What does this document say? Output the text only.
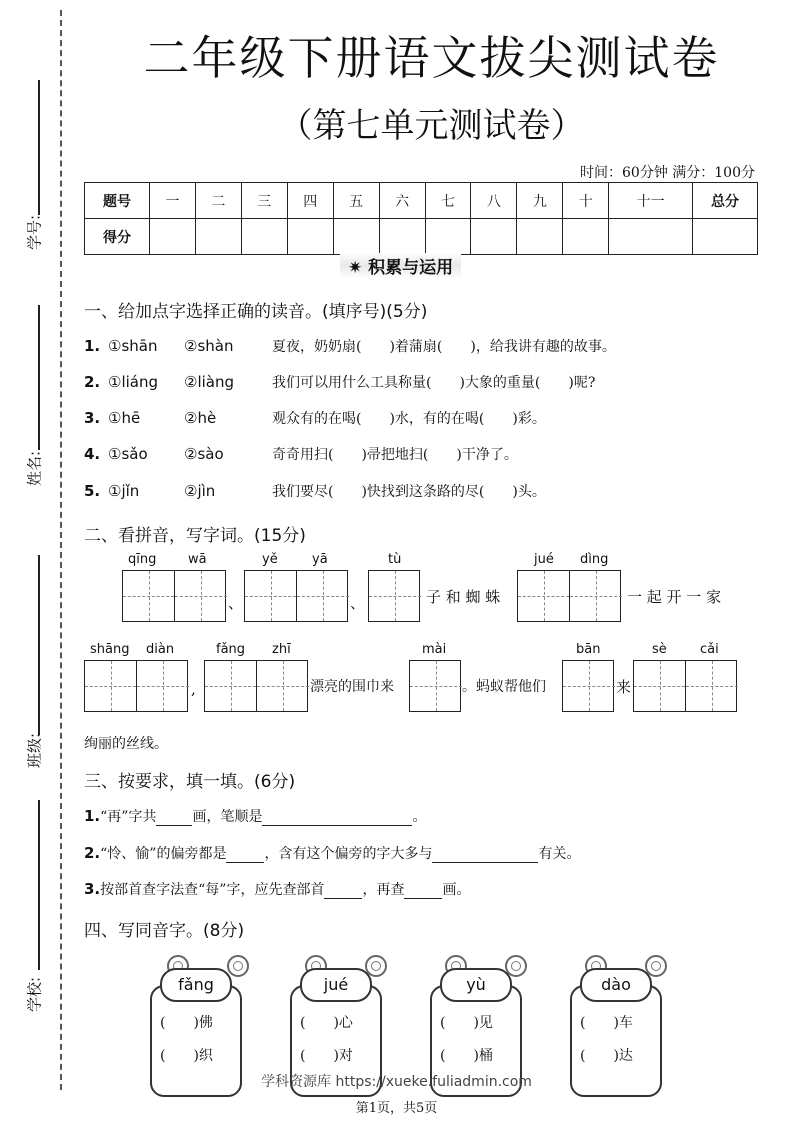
学号:
姓名:
班级:
学校:
二年级下册语文拔尖测试卷
（第七单元测试卷）
时间：60分钟 满分：100分
题号	一	二	三	四	五	六	七	八	九	十	十一	总分
得分												
✷ 积累与运用
一、给加点字选择正确的读音。(填序号)(5分)
1. ①shān ②shàn	夏夜，奶奶扇(　　)着蒲扇(　　)，给我讲有趣的故事。
2. ①liáng ②liàng	我们可以用什么工具称量(　　)大象的重量(　　)呢?
3. ①hē	②hè	观众有的在喝(　　)水，有的在喝(　　)彩。
4. ①sǎo ②sào	奇奇用扫(　　)帚把地扫(　　)干净了。
5. ①jǐn	②jìn	我们要尽(　　)快找到这条路的尽(　　)头。
二、看拼音，写字词。(15分)
qīng wā	yě	yā	tù	jué dìng
、	、	子 和 蜘 蛛	一 起 开 一 家
shāng diàn	fǎng zhī	mài	bān	sè	cǎi
,	漂亮的围巾来	。蚂蚁帮他们	来
绚丽的丝线。
三、按要求，填一填。(6分)
1.“再”字共	画，笔顺是	。
2.“怜、愉”的偏旁都是	，含有这个偏旁的字大多与	有关。
3.按部首查字法查“每”字，应先查部首	，再查	画。
四、写同音字。(8分)
fǎng
(　　)佛
(　　)织
jué
(　　)心
(　　)对
yù
(　　)见
(　　)桶
dào
(　　)车
(　　)达
学科资源库 https://xueke.fuliadmin.com
第1页，共5页
